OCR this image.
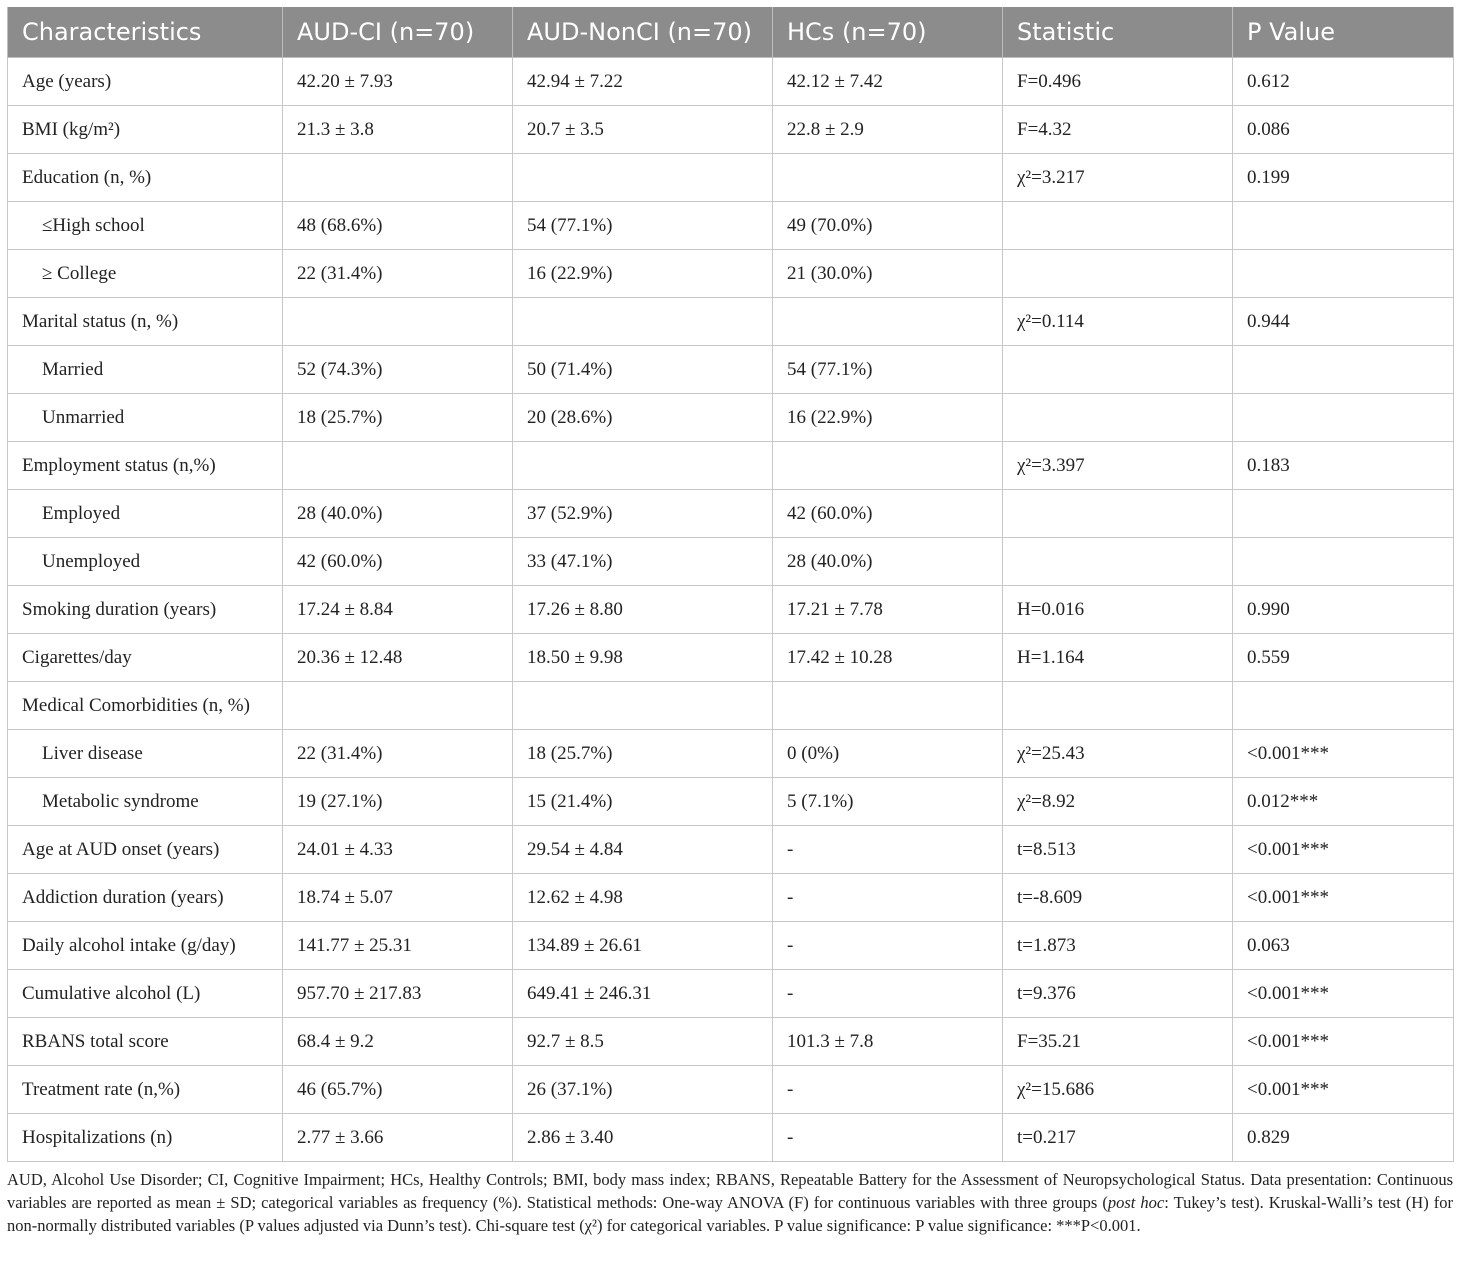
Characteristics	AUD-CI (n=70)	AUD-NonCI (n=70)	HCs (n=70)	Statistic	P Value
Age (years)	42.20 ± 7.93	42.94 ± 7.22	42.12 ± 7.42	F=0.496	0.612
BMI (kg/m²)	21.3 ± 3.8	20.7 ± 3.5	22.8 ± 2.9	F=4.32	0.086
Education (n, %)				χ²=3.217	0.199
≤High school	48 (68.6%)	54 (77.1%)	49 (70.0%)		
≥ College	22 (31.4%)	16 (22.9%)	21 (30.0%)		
Marital status (n, %)				χ²=0.114	0.944
Married	52 (74.3%)	50 (71.4%)	54 (77.1%)		
Unmarried	18 (25.7%)	20 (28.6%)	16 (22.9%)		
Employment status (n,%)				χ²=3.397	0.183
Employed	28 (40.0%)	37 (52.9%)	42 (60.0%)		
Unemployed	42 (60.0%)	33 (47.1%)	28 (40.0%)		
Smoking duration (years)	17.24 ± 8.84	17.26 ± 8.80	17.21 ± 7.78	H=0.016	0.990
Cigarettes/day	20.36 ± 12.48	18.50 ± 9.98	17.42 ± 10.28	H=1.164	0.559
Medical Comorbidities (n, %)					
Liver disease	22 (31.4%)	18 (25.7%)	0 (0%)	χ²=25.43	<0.001***
Metabolic syndrome	19 (27.1%)	15 (21.4%)	5 (7.1%)	χ²=8.92	0.012***
Age at AUD onset (years)	24.01 ± 4.33	29.54 ± 4.84	-	t=8.513	<0.001***
Addiction duration (years)	18.74 ± 5.07	12.62 ± 4.98	-	t=-8.609	<0.001***
Daily alcohol intake (g/day)	141.77 ± 25.31	134.89 ± 26.61	-	t=1.873	0.063
Cumulative alcohol (L)	957.70 ± 217.83	649.41 ± 246.31	-	t=9.376	<0.001***
RBANS total score	68.4 ± 9.2	92.7 ± 8.5	101.3 ± 7.8	F=35.21	<0.001***
Treatment rate (n,%)	46 (65.7%)	26 (37.1%)	-	χ²=15.686	<0.001***
Hospitalizations (n)	2.77 ± 3.66	2.86 ± 3.40	-	t=0.217	0.829
AUD, Alcohol Use Disorder; CI, Cognitive Impairment; HCs, Healthy Controls; BMI, body mass index; RBANS, Repeatable Battery for the Assessment of Neuropsychological Status. Data presentation: Continuous variables are reported as mean ± SD; categorical variables as frequency (%). Statistical methods: One-way ANOVA (F) for continuous variables with three groups (post hoc: Tukey’s test). Kruskal-Walli’s test (H) for non-normally distributed variables (P values adjusted via Dunn’s test). Chi-square test (χ²) for categorical variables. P value significance: P value significance: ***P<0.001.
